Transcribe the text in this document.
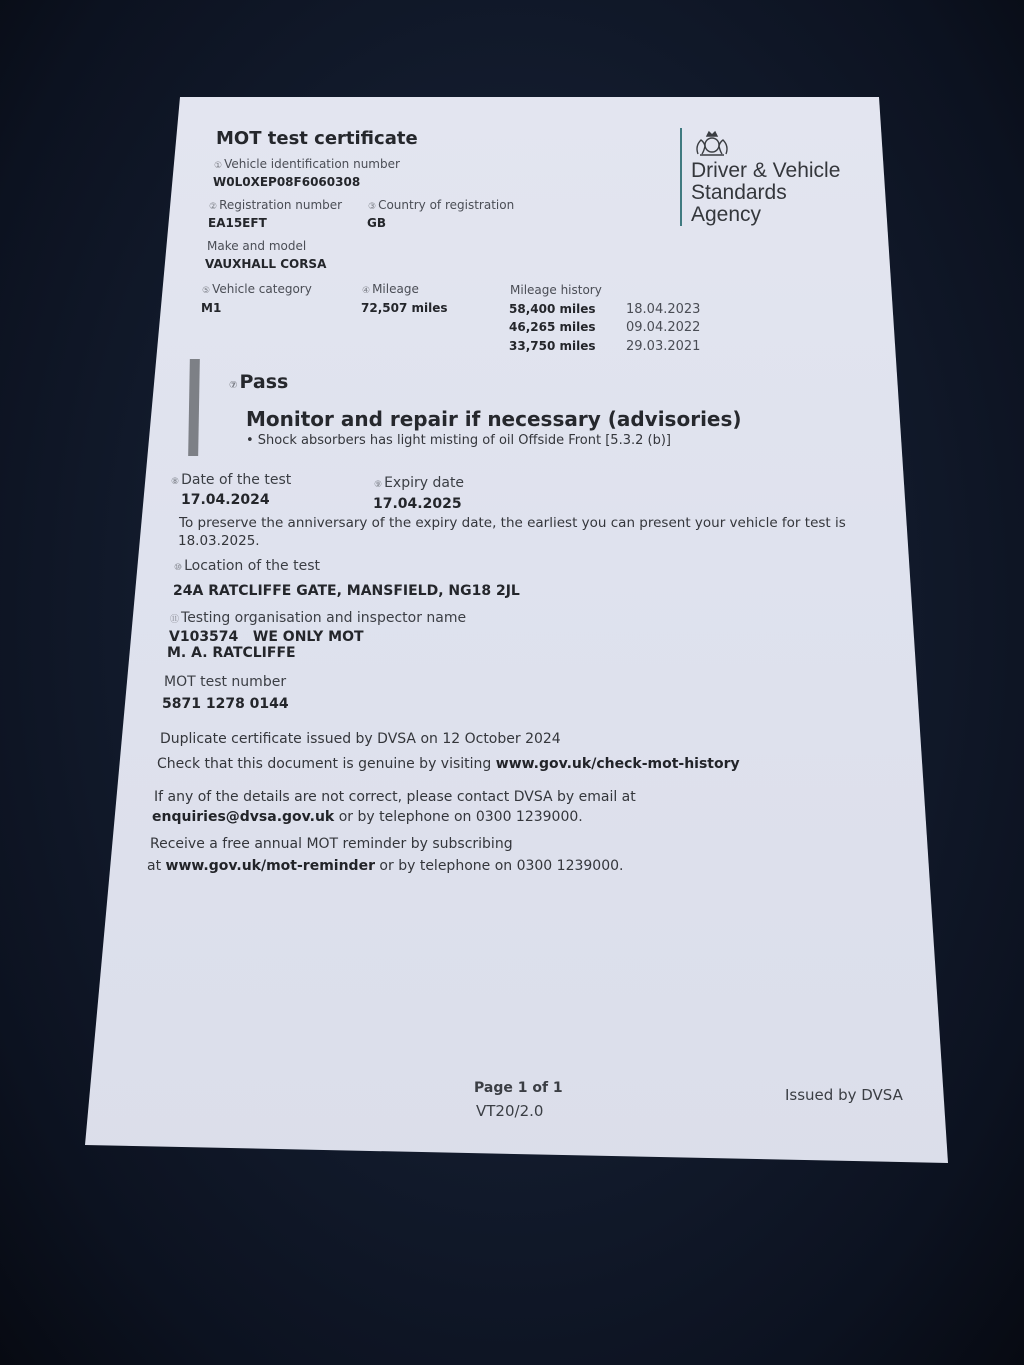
MOT test certificate
Driver & Vehicle
Standards
Agency
① Vehicle identification number
W0L0XEP08F6060308
② Registration number
EA15EFT
③ Country of registration
GB
Make and model
VAUXHALL CORSA
⑤ Vehicle category
M1
④ Mileage
72,507 miles
Mileage history
58,400 miles 18.04.2023
46,265 miles 09.04.2022
33,750 miles 29.03.2021
⑦ Pass
Monitor and repair if necessary (advisories)
• Shock absorbers has light misting of oil Offside Front [5.3.2 (b)]
⑧ Date of the test
17.04.2024
⑨ Expiry date
17.04.2025
To preserve the anniversary of the expiry date, the earliest you can present your vehicle for test is
18.03.2025.
⑩ Location of the test
24A RATCLIFFE GATE, MANSFIELD, NG18 2JL
⑪ Testing organisation and inspector name
V103574 WE ONLY MOT
M. A. RATCLIFFE
MOT test number
5871 1278 0144
Duplicate certificate issued by DVSA on 12 October 2024
Check that this document is genuine by visiting www.gov.uk/check-mot-history
If any of the details are not correct, please contact DVSA by email at
enquiries@dvsa.gov.uk or by telephone on 0300 1239000.
Receive a free annual MOT reminder by subscribing
at www.gov.uk/mot-reminder or by telephone on 0300 1239000.
Page 1 of 1
VT20/2.0
Issued by DVSA
